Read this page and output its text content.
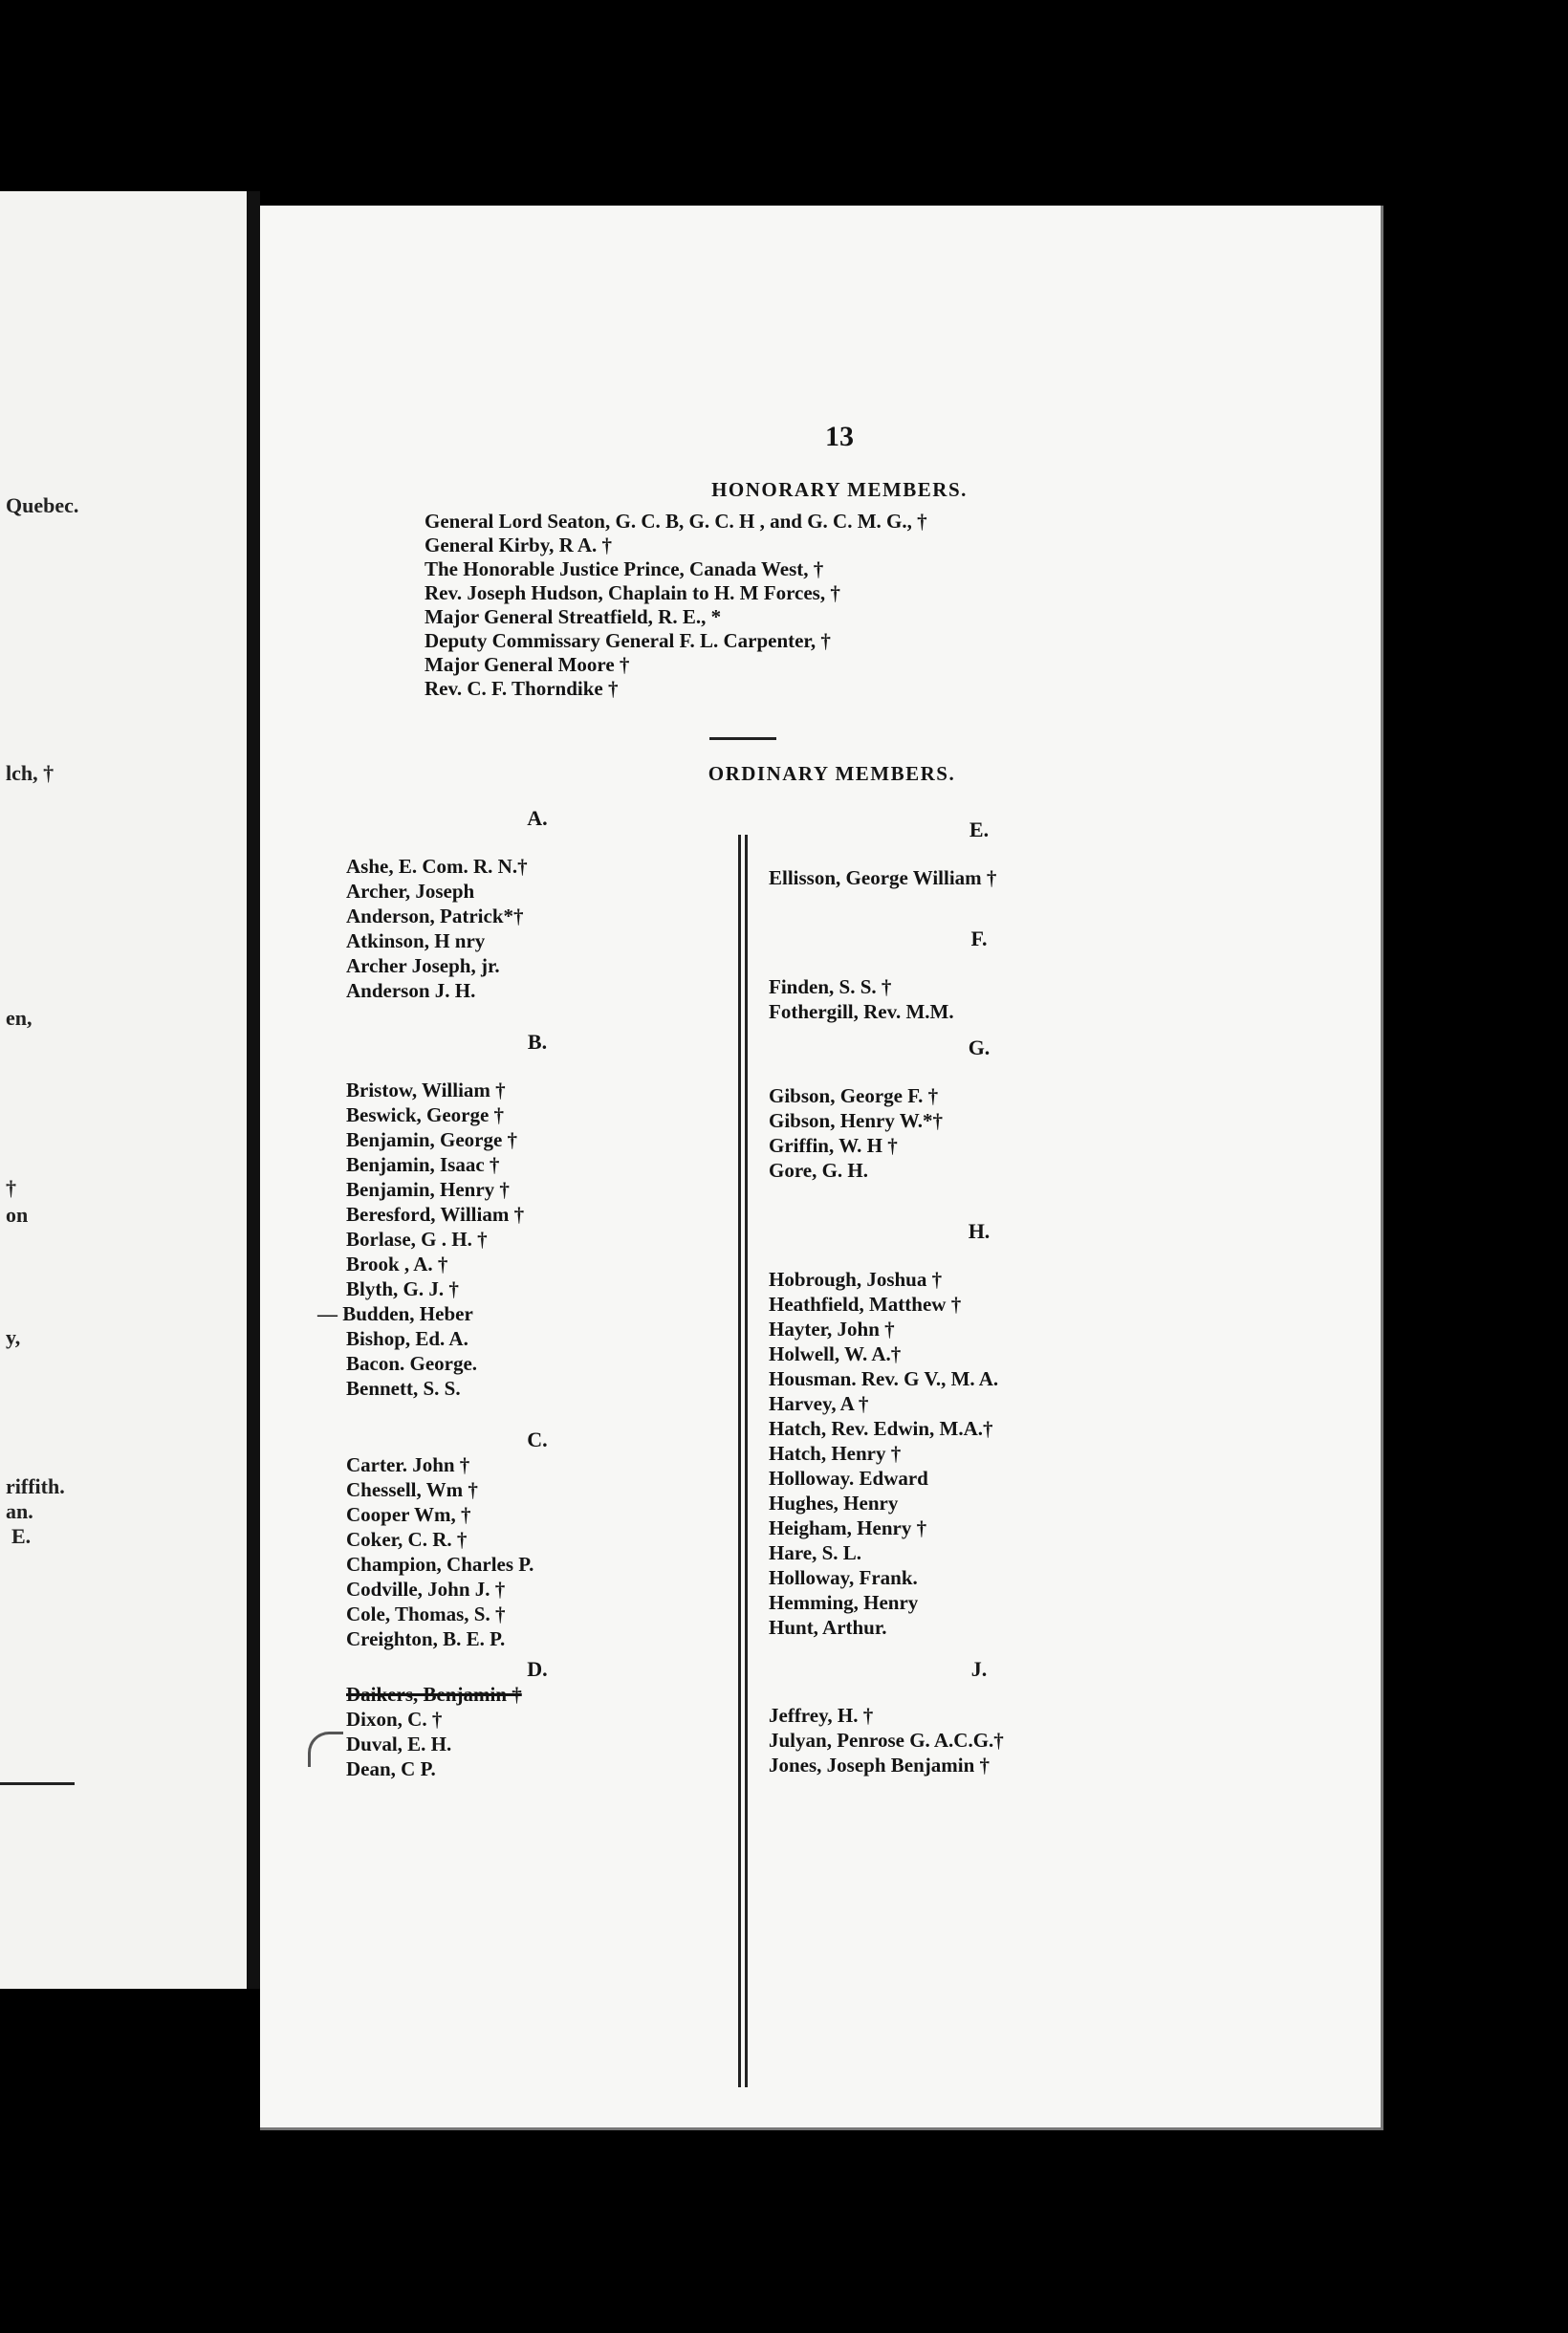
Quebec.
lch, †
en,
†
on
y,
riffith.
an.
E.
13
HONORARY MEMBERS.
General Lord Seaton, G. C. B, G. C. H , and G. C. M. G., †
General Kirby, R A. †
The Honorable Justice Prince, Canada West, †
Rev. Joseph Hudson, Chaplain to H. M Forces, †
Major General Streatfield, R. E., *
Deputy Commissary General F. L. Carpenter, †
Major General Moore †
Rev. C. F. Thorndike †
ORDINARY MEMBERS.
A.
Ashe, E. Com. R. N.†
Archer, Joseph
Anderson, Patrick*†
Atkinson, H nry
Archer Joseph, jr.
Anderson J. H.
B.
Bristow, William †
Beswick, George †
Benjamin, George †
Benjamin, Isaac †
Benjamin, Henry †
Beresford, William †
Borlase, G . H. †
Brook , A. †
Blyth, G. J. †
— Budden, Heber
Bishop, Ed. A.
Bacon. George.
Bennett, S. S.
C.
Carter. John †
Chessell, Wm †
Cooper Wm, †
Coker, C. R. †
Champion, Charles P.
Codville, John J. †
Cole, Thomas, S. †
Creighton, B. E. P.
D.
Daikers, Benjamin †
Dixon, C. †
Duval, E. H.
Dean, C P.
E.
Ellisson, George William †
F.
Finden, S. S. †
Fothergill, Rev. M.M.
G.
Gibson, George F. †
Gibson, Henry W.*†
Griffin, W. H †
Gore, G. H.
H.
Hobrough, Joshua †
Heathfield, Matthew †
Hayter, John †
Holwell, W. A.†
Housman. Rev. G V., M. A.
Harvey, A †
Hatch, Rev. Edwin, M.A.†
Hatch, Henry †
Holloway. Edward
Hughes, Henry
Heigham, Henry †
Hare, S. L.
Holloway, Frank.
Hemming, Henry
Hunt, Arthur.
J.
Jeffrey, H. †
Julyan, Penrose G. A.C.G.†
Jones, Joseph Benjamin †
